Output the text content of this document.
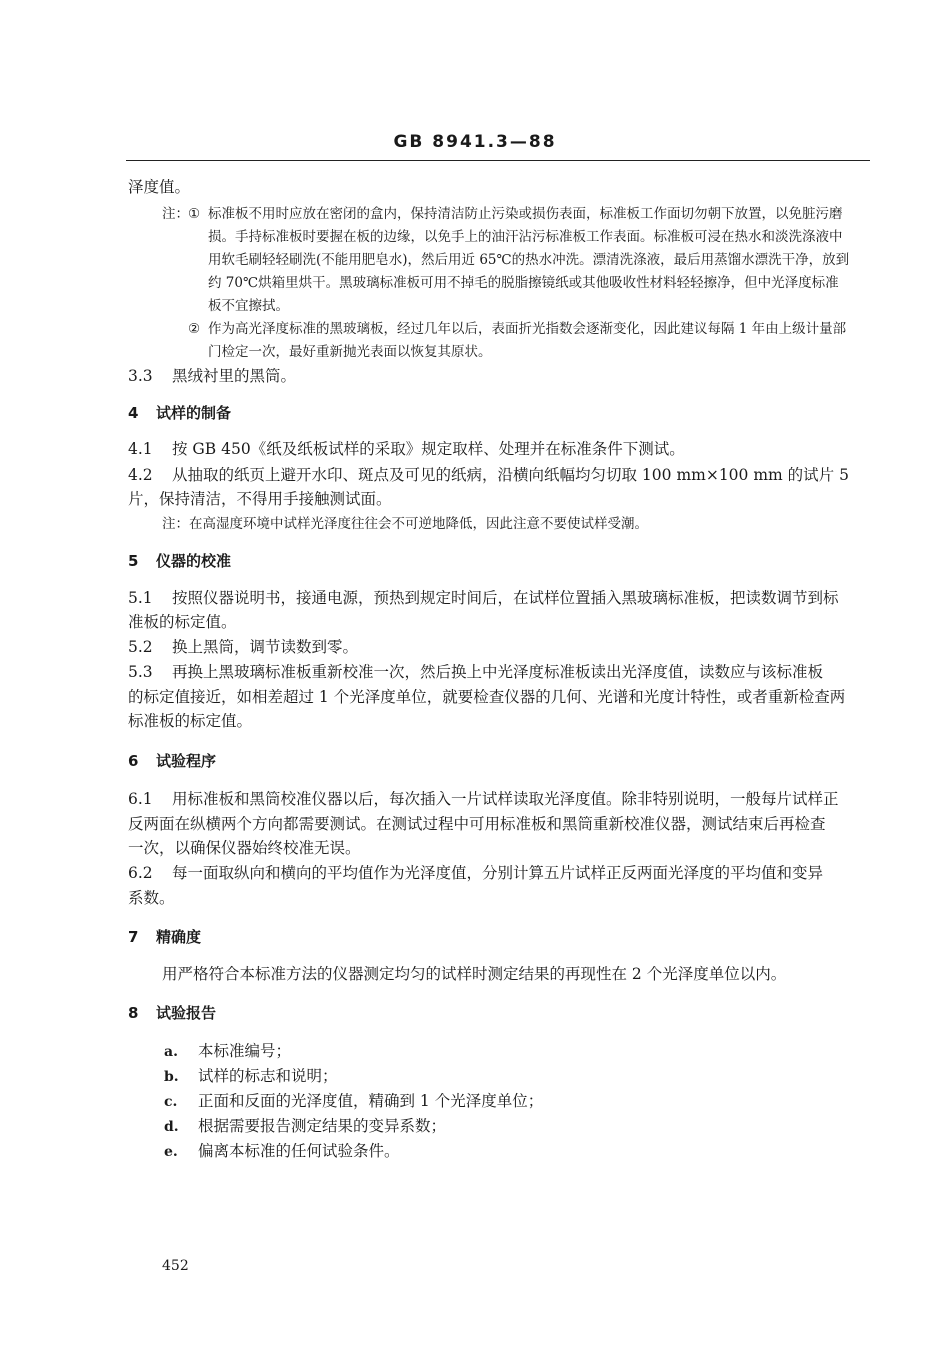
GB 8941.3—88
泽度值。
注： ① 标准板不用时应放在密闭的盒内，保持清洁防止污染或损伤表面，标准板工作面切勿朝下放置，以免脏污磨
损。手持标准板时要握在板的边缘，以免手上的油汗沾污标准板工作表面。标准板可浸在热水和淡洗涤液中
用软毛刷轻轻刷洗(不能用肥皂水)，然后用近 65℃的热水冲洗。漂清洗涤液，最后用蒸馏水漂洗干净，放到
约 70℃烘箱里烘干。黑玻璃标准板可用不掉毛的脱脂擦镜纸或其他吸收性材料轻轻擦净，但中光泽度标准
板不宜擦拭。
② 作为高光泽度标准的黑玻璃板，经过几年以后，表面折光指数会逐渐变化，因此建议每隔 1 年由上级计量部
门检定一次，最好重新抛光表面以恢复其原状。
3.3 黑绒衬里的黑筒。
4 试样的制备
4.1 按 GB 450《纸及纸板试样的采取》规定取样、处理并在标准条件下测试。
4.2 从抽取的纸页上避开水印、斑点及可见的纸病，沿横向纸幅均匀切取 100 mm×100 mm 的试片 5
片，保持清洁，不得用手接触测试面。
注：在高湿度环境中试样光泽度往往会不可逆地降低，因此注意不要使试样受潮。
5 仪器的校准
5.1 按照仪器说明书，接通电源，预热到规定时间后，在试样位置插入黑玻璃标准板，把读数调节到标
准板的标定值。
5.2 换上黑筒，调节读数到零。
5.3 再换上黑玻璃标准板重新校准一次，然后换上中光泽度标准板读出光泽度值，读数应与该标准板
的标定值接近，如相差超过 1 个光泽度单位，就要检查仪器的几何、光谱和光度计特性，或者重新检查两
标准板的标定值。
6 试验程序
6.1 用标准板和黑筒校准仪器以后，每次插入一片试样读取光泽度值。除非特别说明，一般每片试样正
反两面在纵横两个方向都需要测试。在测试过程中可用标准板和黑筒重新校准仪器，测试结束后再检查
一次，以确保仪器始终校准无误。
6.2 每一面取纵向和横向的平均值作为光泽度值，分别计算五片试样正反两面光泽度的平均值和变异
系数。
7 精确度
用严格符合本标准方法的仪器测定均匀的试样时测定结果的再现性在 2 个光泽度单位以内。
8 试验报告
a. 本标准编号；
b. 试样的标志和说明；
c. 正面和反面的光泽度值，精确到 1 个光泽度单位；
d. 根据需要报告测定结果的变异系数；
e. 偏离本标准的任何试验条件。
452
